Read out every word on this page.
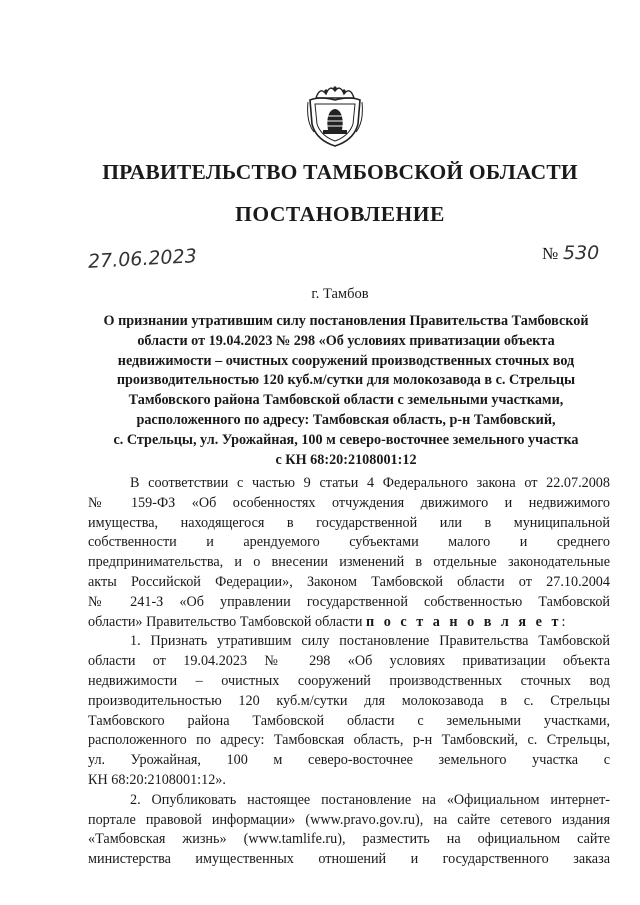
ПРАВИТЕЛЬСТВО ТАМБОВСКОЙ ОБЛАСТИ
ПОСТАНОВЛЕНИЕ
27.06.2023	№ 530
г. Тамбов
О признании утратившим силу постановления Правительства Тамбовской
области от 19.04.2023 № 298 «Об условиях приватизации объекта
недвижимости – очистных сооружений производственных сточных вод
производительностью 120 куб.м/сутки для молокозавода в с. Стрельцы
Тамбовского района Тамбовской области с земельными участками,
расположенного по адресу: Тамбовская область, р-н Тамбовский,
с. Стрельцы, ул. Урожайная, 100 м северо-восточнее земельного участка
с КН 68:20:2108001:12
В соответствии с частью 9 статьи 4 Федерального закона от 22.07.2008
№ 159-ФЗ «Об особенностях отчуждения движимого и недвижимого
имущества, находящегося в государственной или в муниципальной
собственности и арендуемого субъектами малого и среднего
предпринимательства, и о внесении изменений в отдельные законодательные
акты Российской Федерации», Законом Тамбовской области от 27.10.2004
№ 241-З «Об управлении государственной собственностью Тамбовской
области» Правительство Тамбовской области п о с т а н о в л я е т:
1. Признать утратившим силу постановление Правительства Тамбовской
области от 19.04.2023 № 298 «Об условиях приватизации объекта
недвижимости – очистных сооружений производственных сточных вод
производительностью 120 куб.м/сутки для молокозавода в с. Стрельцы
Тамбовского района Тамбовской области с земельными участками,
расположенного по адресу: Тамбовская область, р-н Тамбовский, с. Стрельцы,
ул. Урожайная, 100 м северо-восточнее земельного участка с
КН 68:20:2108001:12».
2. Опубликовать настоящее постановление на «Официальном интернет-
портале правовой информации» (www.pravo.gov.ru), на сайте сетевого издания
«Тамбовская жизнь» (www.tamlife.ru), разместить на официальном сайте
министерства имущественных отношений и государственного заказа
